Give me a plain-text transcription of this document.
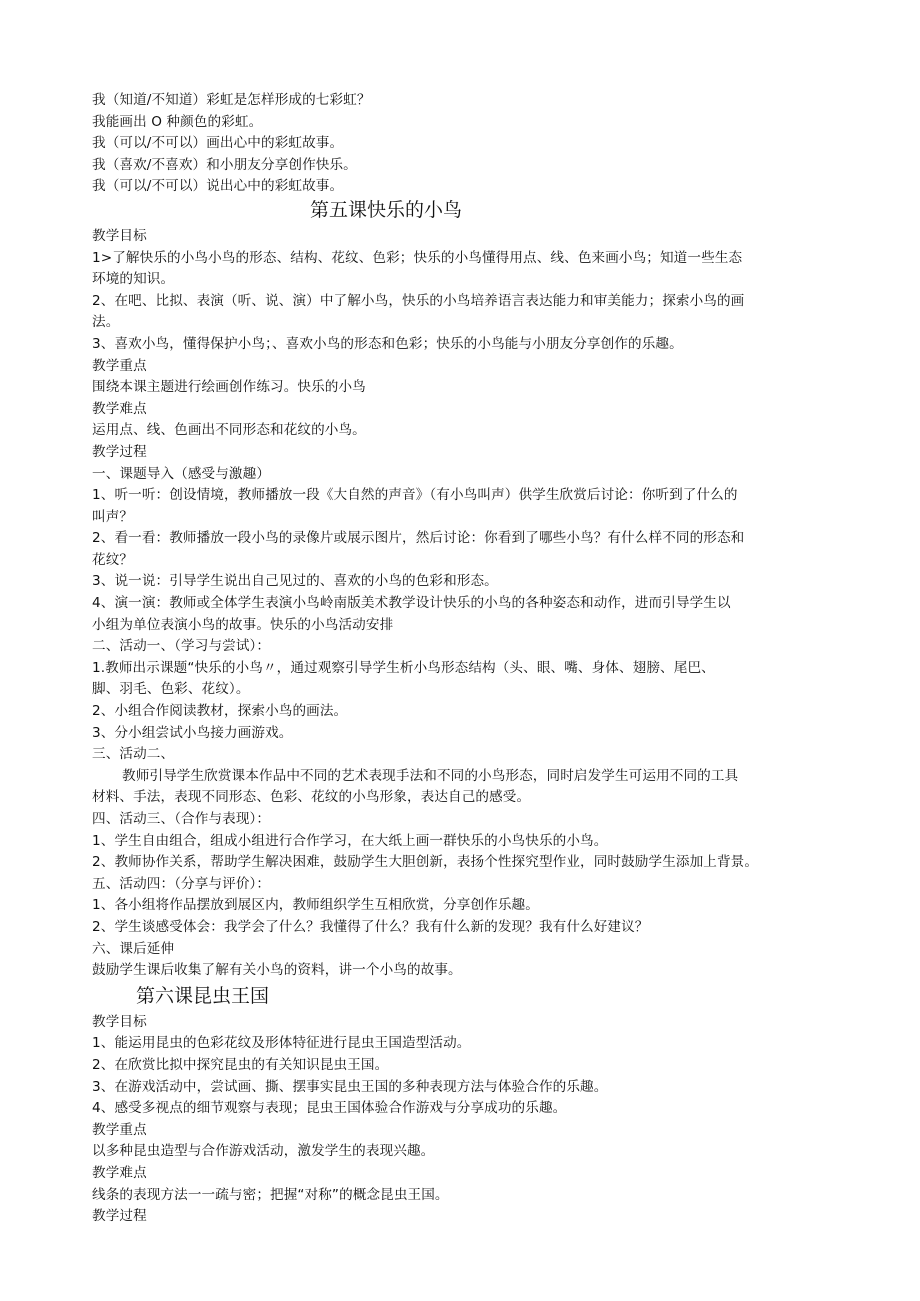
我（知道/不知道）彩虹是怎样形成的七彩虹？
我能画出 O 种颜色的彩虹。
我（可以/不可以）画出心中的彩虹故事。
我（喜欢/不喜欢）和小朋友分享创作快乐。
我（可以/不可以）说出心中的彩虹故事。
第五课快乐的小鸟
教学目标
1>了解快乐的小鸟小鸟的形态、结构、花纹、色彩；快乐的小鸟懂得用点、线、色来画小鸟；知道一些生态
环境的知识。
2、在吧、比拟、表演（听、说、演）中了解小鸟，快乐的小鸟培养语言表达能力和审美能力；探索小鸟的画
法。
3、喜欢小鸟，懂得保护小鸟；、喜欢小鸟的形态和色彩；快乐的小鸟能与小朋友分享创作的乐趣。
教学重点
围绕本课主题进行绘画创作练习。快乐的小鸟
教学难点
运用点、线、色画出不同形态和花纹的小鸟。
教学过程
一、课题导入（感受与激趣）
1、听一听：创设情境，教师播放一段《大自然的声音》（有小鸟叫声）供学生欣赏后讨论：你听到了什么的
叫声？
2、看一看：教师播放一段小鸟的录像片或展示图片，然后讨论：你看到了哪些小鸟？有什么样不同的形态和
花纹？
3、说一说：引导学生说出自己见过的、喜欢的小鸟的色彩和形态。
4、演一演：教师或全体学生表演小鸟岭南版美术教学设计快乐的小鸟的各种姿态和动作，进而引导学生以
小组为单位表演小鸟的故事。快乐的小鸟活动安排
二、活动一、（学习与尝试）：
1.教师出示课题“快乐的小鸟〃，通过观察引导学生析小鸟形态结构（头、眼、嘴、身体、翅膀、尾巴、
脚、羽毛、色彩、花纹）。
2、小组合作阅读教材，探索小鸟的画法。
3、分小组尝试小鸟接力画游戏。
三、活动二、
教师引导学生欣赏课本作品中不同的艺术表现手法和不同的小鸟形态，同时启发学生可运用不同的工具
材料、手法，表现不同形态、色彩、花纹的小鸟形象，表达自己的感受。
四、活动三、（合作与表现）：
1、学生自由组合，组成小组进行合作学习，在大纸上画一群快乐的小鸟快乐的小鸟。
2、教师协作关系，帮助学生解决困难，鼓励学生大胆创新，表扬个性探究型作业，同时鼓励学生添加上背景。
五、活动四：（分享与评价）：
1、各小组将作品摆放到展区内，教师组织学生互相欣赏，分享创作乐趣。
2、学生谈感受体会：我学会了什么？我懂得了什么？我有什么新的发现？我有什么好建议？
六、课后延伸
鼓励学生课后收集了解有关小鸟的资料，讲一个小鸟的故事。
第六课昆虫王国
教学目标
1、能运用昆虫的色彩花纹及形体特征进行昆虫王国造型活动。
2、在欣赏比拟中探究昆虫的有关知识昆虫王国。
3、在游戏活动中，尝试画、撕、摆事实昆虫王国的多种表现方法与体验合作的乐趣。
4、感受多视点的细节观察与表现；昆虫王国体验合作游戏与分享成功的乐趣。
教学重点
以多种昆虫造型与合作游戏活动，激发学生的表现兴趣。
教学难点
线条的表现方法一一疏与密；把握“对称”的概念昆虫王国。
教学过程
